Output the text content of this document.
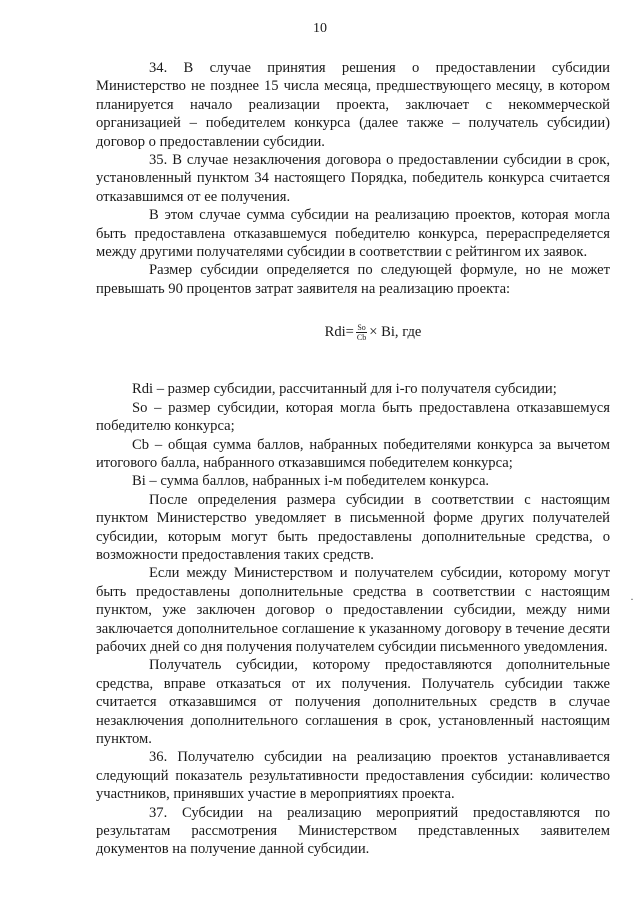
10
·

34. В случае принятия решения о предоставлении субсидии Министерство не позднее 15 числа месяца, предшествующего месяцу, в котором планируется начало реализации проекта, заключает с некоммерческой организацией – победителем конкурса (далее также – получатель субсидии) договор о предоставлении субсидии.

35. В случае незаключения договора о предоставлении субсидии в срок, установленный пунктом 34 настоящего Порядка, победитель конкурса считается отказавшимся от ее получения.

В этом случае сумма субсидии на реализацию проектов, которая могла быть предоставлена отказавшемуся победителю конкурса, перераспределяется между другими получателями субсидии в соответствии с рейтингом их заявок.

Размер субсидии определяется по следующей формуле, но не может превышать 90 процентов затрат заявителя на реализацию проекта:

$Rdi= \frac{So}{Cb} \times Bi$, где

Rdi – размер субсидии, рассчитанный для i-го получателя субсидии;

So – размер субсидии, которая могла быть предоставлена отказавшемуся победителю конкурса;

Cb – общая сумма баллов, набранных победителями конкурса за вычетом итогового балла, набранного отказавшимся победителем конкурса;

Bi – сумма баллов, набранных i-м победителем конкурса.

После определения размера субсидии в соответствии с настоящим пунктом Министерство уведомляет в письменной форме других получателей субсидии, которым могут быть предоставлены дополнительные средства, о возможности предоставления таких средств.

Если между Министерством и получателем субсидии, которому могут быть предоставлены дополнительные средства в соответствии с настоящим пунктом, уже заключен договор о предоставлении субсидии, между ними заключается дополнительное соглашение к указанному договору в течение десяти рабочих дней со дня получения получателем субсидии письменного уведомления.

Получатель субсидии, которому предоставляются дополнительные средства, вправе отказаться от их получения. Получатель субсидии также считается отказавшимся от получения дополнительных средств в случае незаключения дополнительного соглашения в срок, установленный настоящим пунктом.

36. Получателю субсидии на реализацию проектов устанавливается следующий показатель результативности предоставления субсидии: количество участников, принявших участие в мероприятиях проекта.

37. Субсидии на реализацию мероприятий предоставляются по результатам рассмотрения Министерством представленных заявителем документов на получение данной субсидии.
